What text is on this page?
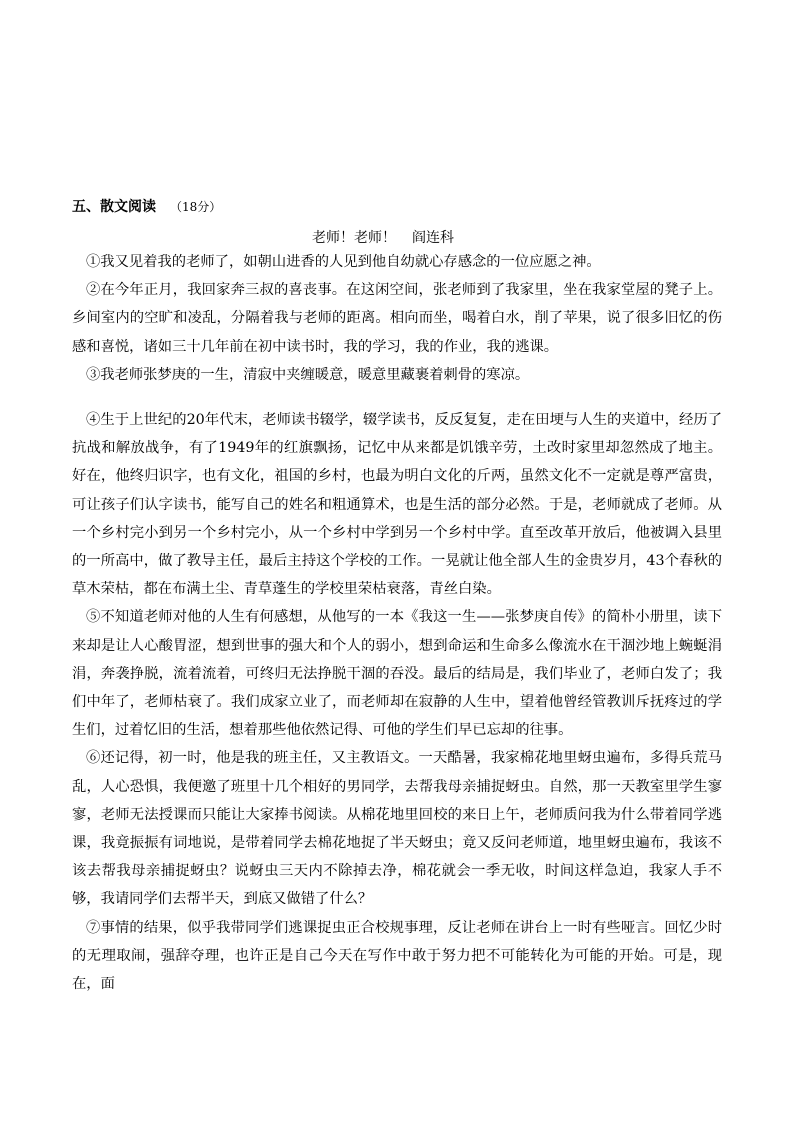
五、散文阅读 （18分）
老师！老师！ 阎连科

①我又见着我的老师了，如朝山进香的人见到他自幼就心存感念的一位应愿之神。

②在今年正月，我回家奔三叔的喜丧事。在这闲空间，张老师到了我家里，坐在我家堂屋的凳子上。乡间室内的空旷和凌乱，分隔着我与老师的距离。相向而坐，喝着白水，削了苹果，说了很多旧忆的伤感和喜悦，诸如三十几年前在初中读书时，我的学习，我的作业，我的逃课。

③我老师张梦庚的一生，清寂中夹缠暖意，暖意里藏裹着刺骨的寒凉。

④生于上世纪的20年代末，老师读书辍学，辍学读书，反反复复，走在田埂与人生的夹道中，经历了抗战和解放战争，有了1949年的红旗飘扬，记忆中从来都是饥饿辛劳，土改时家里却忽然成了地主。好在，他终归识字，也有文化，祖国的乡村，也最为明白文化的斤两，虽然文化不一定就是尊严富贵，可让孩子们认字读书，能写自己的姓名和粗通算术，也是生活的部分必然。于是，老师就成了老师。从一个乡村完小到另一个乡村完小，从一个乡村中学到另一个乡村中学。直至改革开放后，他被调入县里的一所高中，做了教导主任，最后主持这个学校的工作。一晃就让他全部人生的金贵岁月，43个春秋的草木荣枯，都在布满土尘、青草蓬生的学校里荣枯衰落，青丝白染。

⑤不知道老师对他的人生有何感想，从他写的一本《我这一生——张梦庚自传》的简朴小册里，读下来却是让人心酸胃涩，想到世事的强大和个人的弱小，想到命运和生命多么像流水在干涸沙地上蜿蜒涓涓，奔袭挣脱，流着流着，可终归无法挣脱干涸的吞没。最后的结局是，我们毕业了，老师白发了；我们中年了，老师枯衰了。我们成家立业了，而老师却在寂静的人生中，望着他曾经管教训斥抚疼过的学生们，过着忆旧的生活，想着那些他依然记得、可他的学生们早已忘却的往事。

⑥还记得，初一时，他是我的班主任，又主教语文。一天酷暑，我家棉花地里蚜虫遍布，多得兵荒马乱，人心恐惧，我便邀了班里十几个相好的男同学，去帮我母亲捕捉蚜虫。自然，那一天教室里学生寥寥，老师无法授课而只能让大家捧书阅读。从棉花地里回校的来日上午，老师质问我为什么带着同学逃课，我竟振振有词地说，是带着同学去棉花地捉了半天蚜虫；竟又反问老师道，地里蚜虫遍布，我该不该去帮我母亲捕捉蚜虫？说蚜虫三天内不除掉去净，棉花就会一季无收，时间这样急迫，我家人手不够，我请同学们去帮半天，到底又做错了什么？

⑦事情的结果，似乎我带同学们逃课捉虫正合校规事理，反让老师在讲台上一时有些哑言。回忆少时的无理取闹，强辞夺理，也许正是自己今天在写作中敢于努力把不可能转化为可能的开始。可是，现在，面
